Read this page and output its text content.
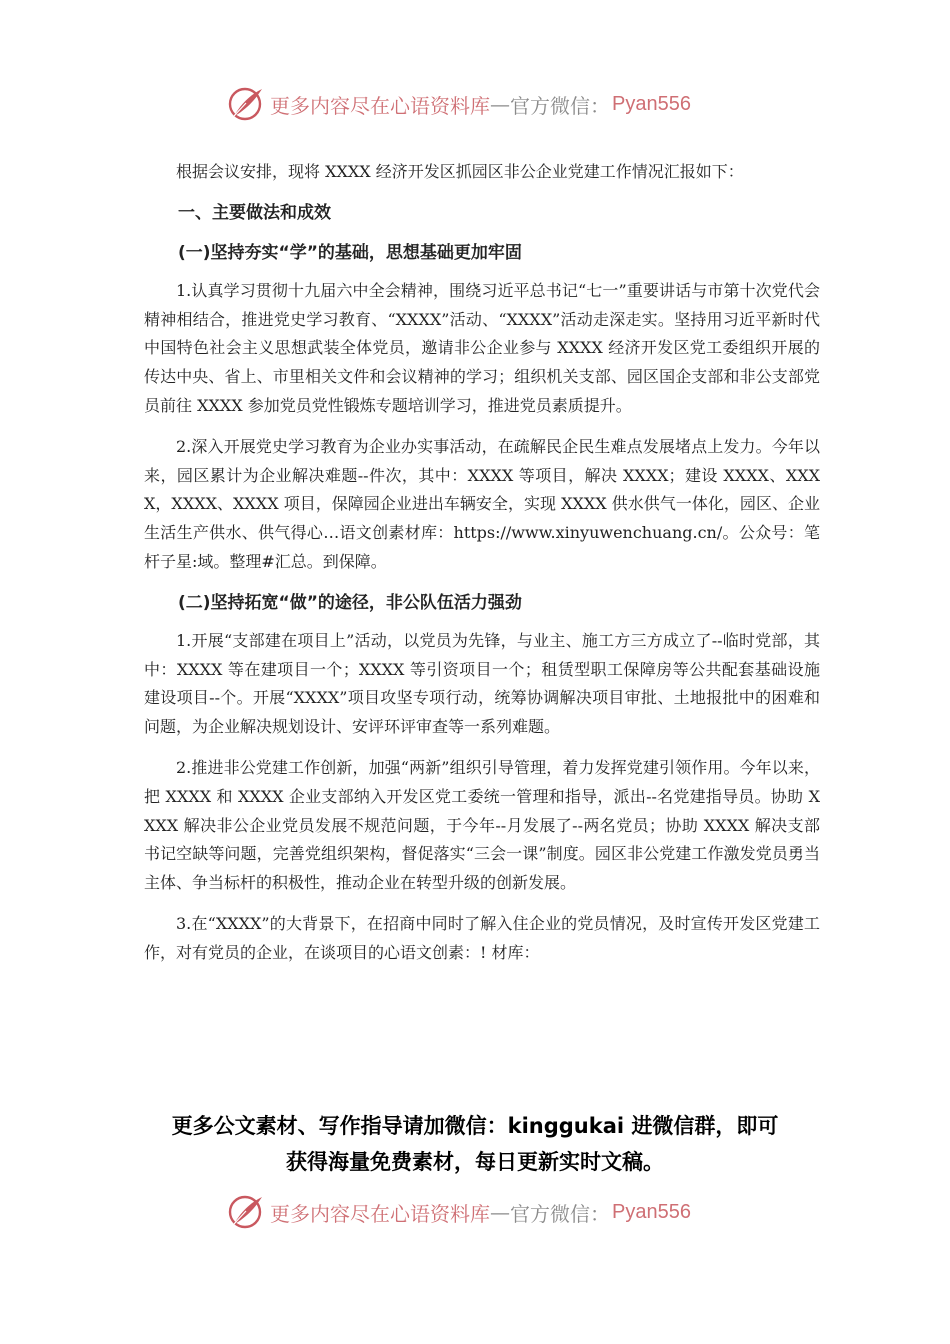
更多内容尽在心语资料库 — 官方微信： Pyan556

根据会议安排，现将 XXXX 经济开发区抓园区非公企业党建工作情况汇报如下：

一、主要做法和成效

(一)坚持夯实“学”的基础，思想基础更加牢固

1.认真学习贯彻十九届六中全会精神，围绕习近平总书记“七一”重要讲话与市第十次党代会精神相结合，推进党史学习教育、“XXXX”活动、“XXXX”活动走深走实。坚持用习近平新时代中国特色社会主义思想武装全体党员，邀请非公企业参与 XXXX 经济开发区党工委组织开展的传达中央、省上、市里相关文件和会议精神的学习；组织机关支部、园区国企支部和非公支部党员前往 XXXX 参加党员党性锻炼专题培训学习，推进党员素质提升。

2.深入开展党史学习教育为企业办实事活动，在疏解民企民生难点发展堵点上发力。今年以来，园区累计为企业解决难题--件次，其中：XXXX 等项目，解决 XXXX；建设 XXXX、XXXX，XXXX、XXXX 项目，保障园企业进出车辆安全，实现 XXXX 供水供气一体化，园区、企业生活生产供水、供气得心…语文创素材库：https://www.xinyuwenchuang.cn/。公众号：笔杆子星:域。整理#汇总。到保障。

(二)坚持拓宽“做”的途径，非公队伍活力强劲

1.开展“支部建在项目上”活动，以党员为先锋，与业主、施工方三方成立了--临时党部，其中：XXXX 等在建项目一个；XXXX 等引资项目一个；租赁型职工保障房等公共配套基础设施建设项目--个。开展“XXXX”项目攻坚专项行动，统筹协调解决项目审批、土地报批中的困难和问题，为企业解决规划设计、安评环评审查等一系列难题。

2.推进非公党建工作创新，加强“两新”组织引导管理，着力发挥党建引领作用。今年以来，把 XXXX 和 XXXX 企业支部纳入开发区党工委统一管理和指导，派出--名党建指导员。协助 XXXX 解决非公企业党员发展不规范问题，于今年--月发展了--两名党员；协助 XXXX 解决支部书记空缺等问题，完善党组织架构，督促落实“三会一课”制度。园区非公党建工作激发党员勇当主体、争当标杆的积极性，推动企业在转型升级的创新发展。

3.在“XXXX”的大背景下，在招商中同时了解入住企业的党员情况，及时宣传开发区党建工作，对有党员的企业，在谈项目的心语文创素：! 材库：

更多公文素材、写作指导请加微信：kinggukai 进微信群，即可
获得海量免费素材，每日更新实时文稿。
更多内容尽在心语资料库 — 官方微信： Pyan556
